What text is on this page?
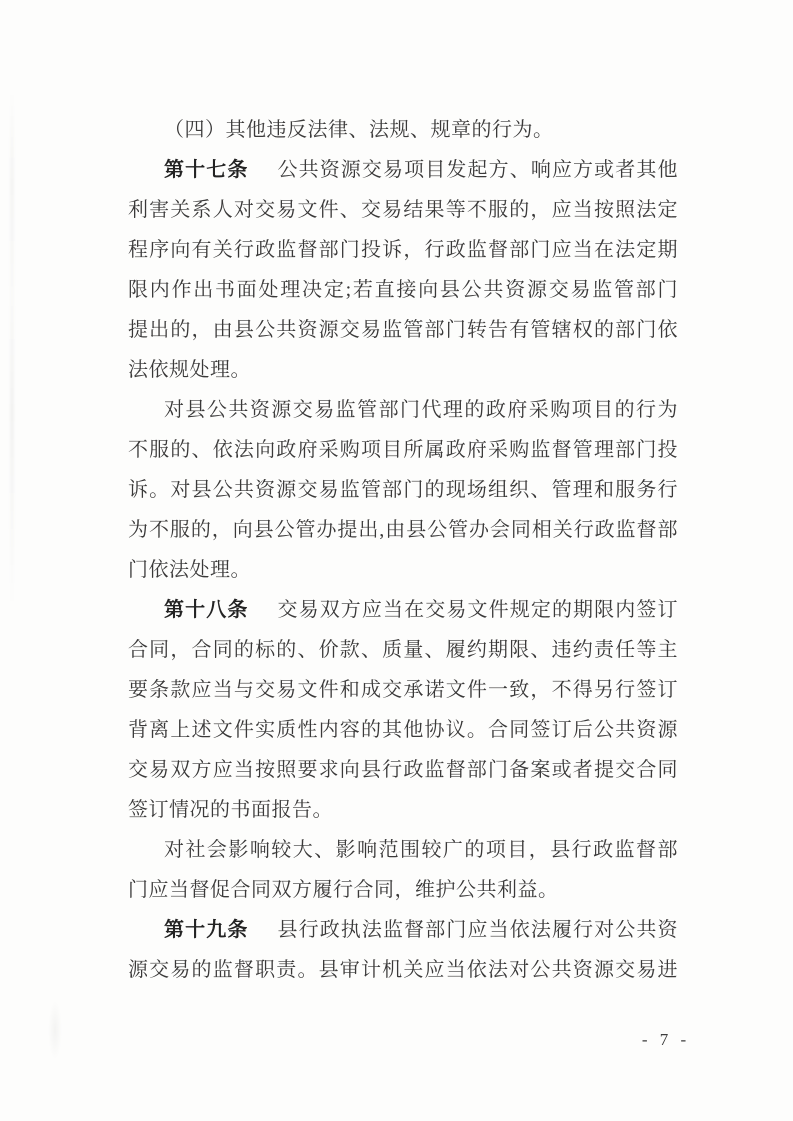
（四）其他违反法律、法规、规章的行为。
第十七条 公共资源交易项目发起方、响应方或者其他
利害关系人对交易文件、交易结果等不服的，应当按照法定
程序向有关行政监督部门投诉，行政监督部门应当在法定期
限内作出书面处理决定;若直接向县公共资源交易监管部门
提出的，由县公共资源交易监管部门转告有管辖权的部门依
法依规处理。
对县公共资源交易监管部门代理的政府采购项目的行为
不服的、依法向政府采购项目所属政府采购监督管理部门投
诉。对县公共资源交易监管部门的现场组织、管理和服务行
为不服的，向县公管办提出,由县公管办会同相关行政监督部
门依法处理。
第十八条 交易双方应当在交易文件规定的期限内签订
合同，合同的标的、价款、质量、履约期限、违约责任等主
要条款应当与交易文件和成交承诺文件一致，不得另行签订
背离上述文件实质性内容的其他协议。合同签订后公共资源
交易双方应当按照要求向县行政监督部门备案或者提交合同
签订情况的书面报告。
对社会影响较大、影响范围较广的项目，县行政监督部
门应当督促合同双方履行合同，维护公共利益。
第十九条 县行政执法监督部门应当依法履行对公共资
源交易的监督职责。县审计机关应当依法对公共资源交易进
- 7 -
